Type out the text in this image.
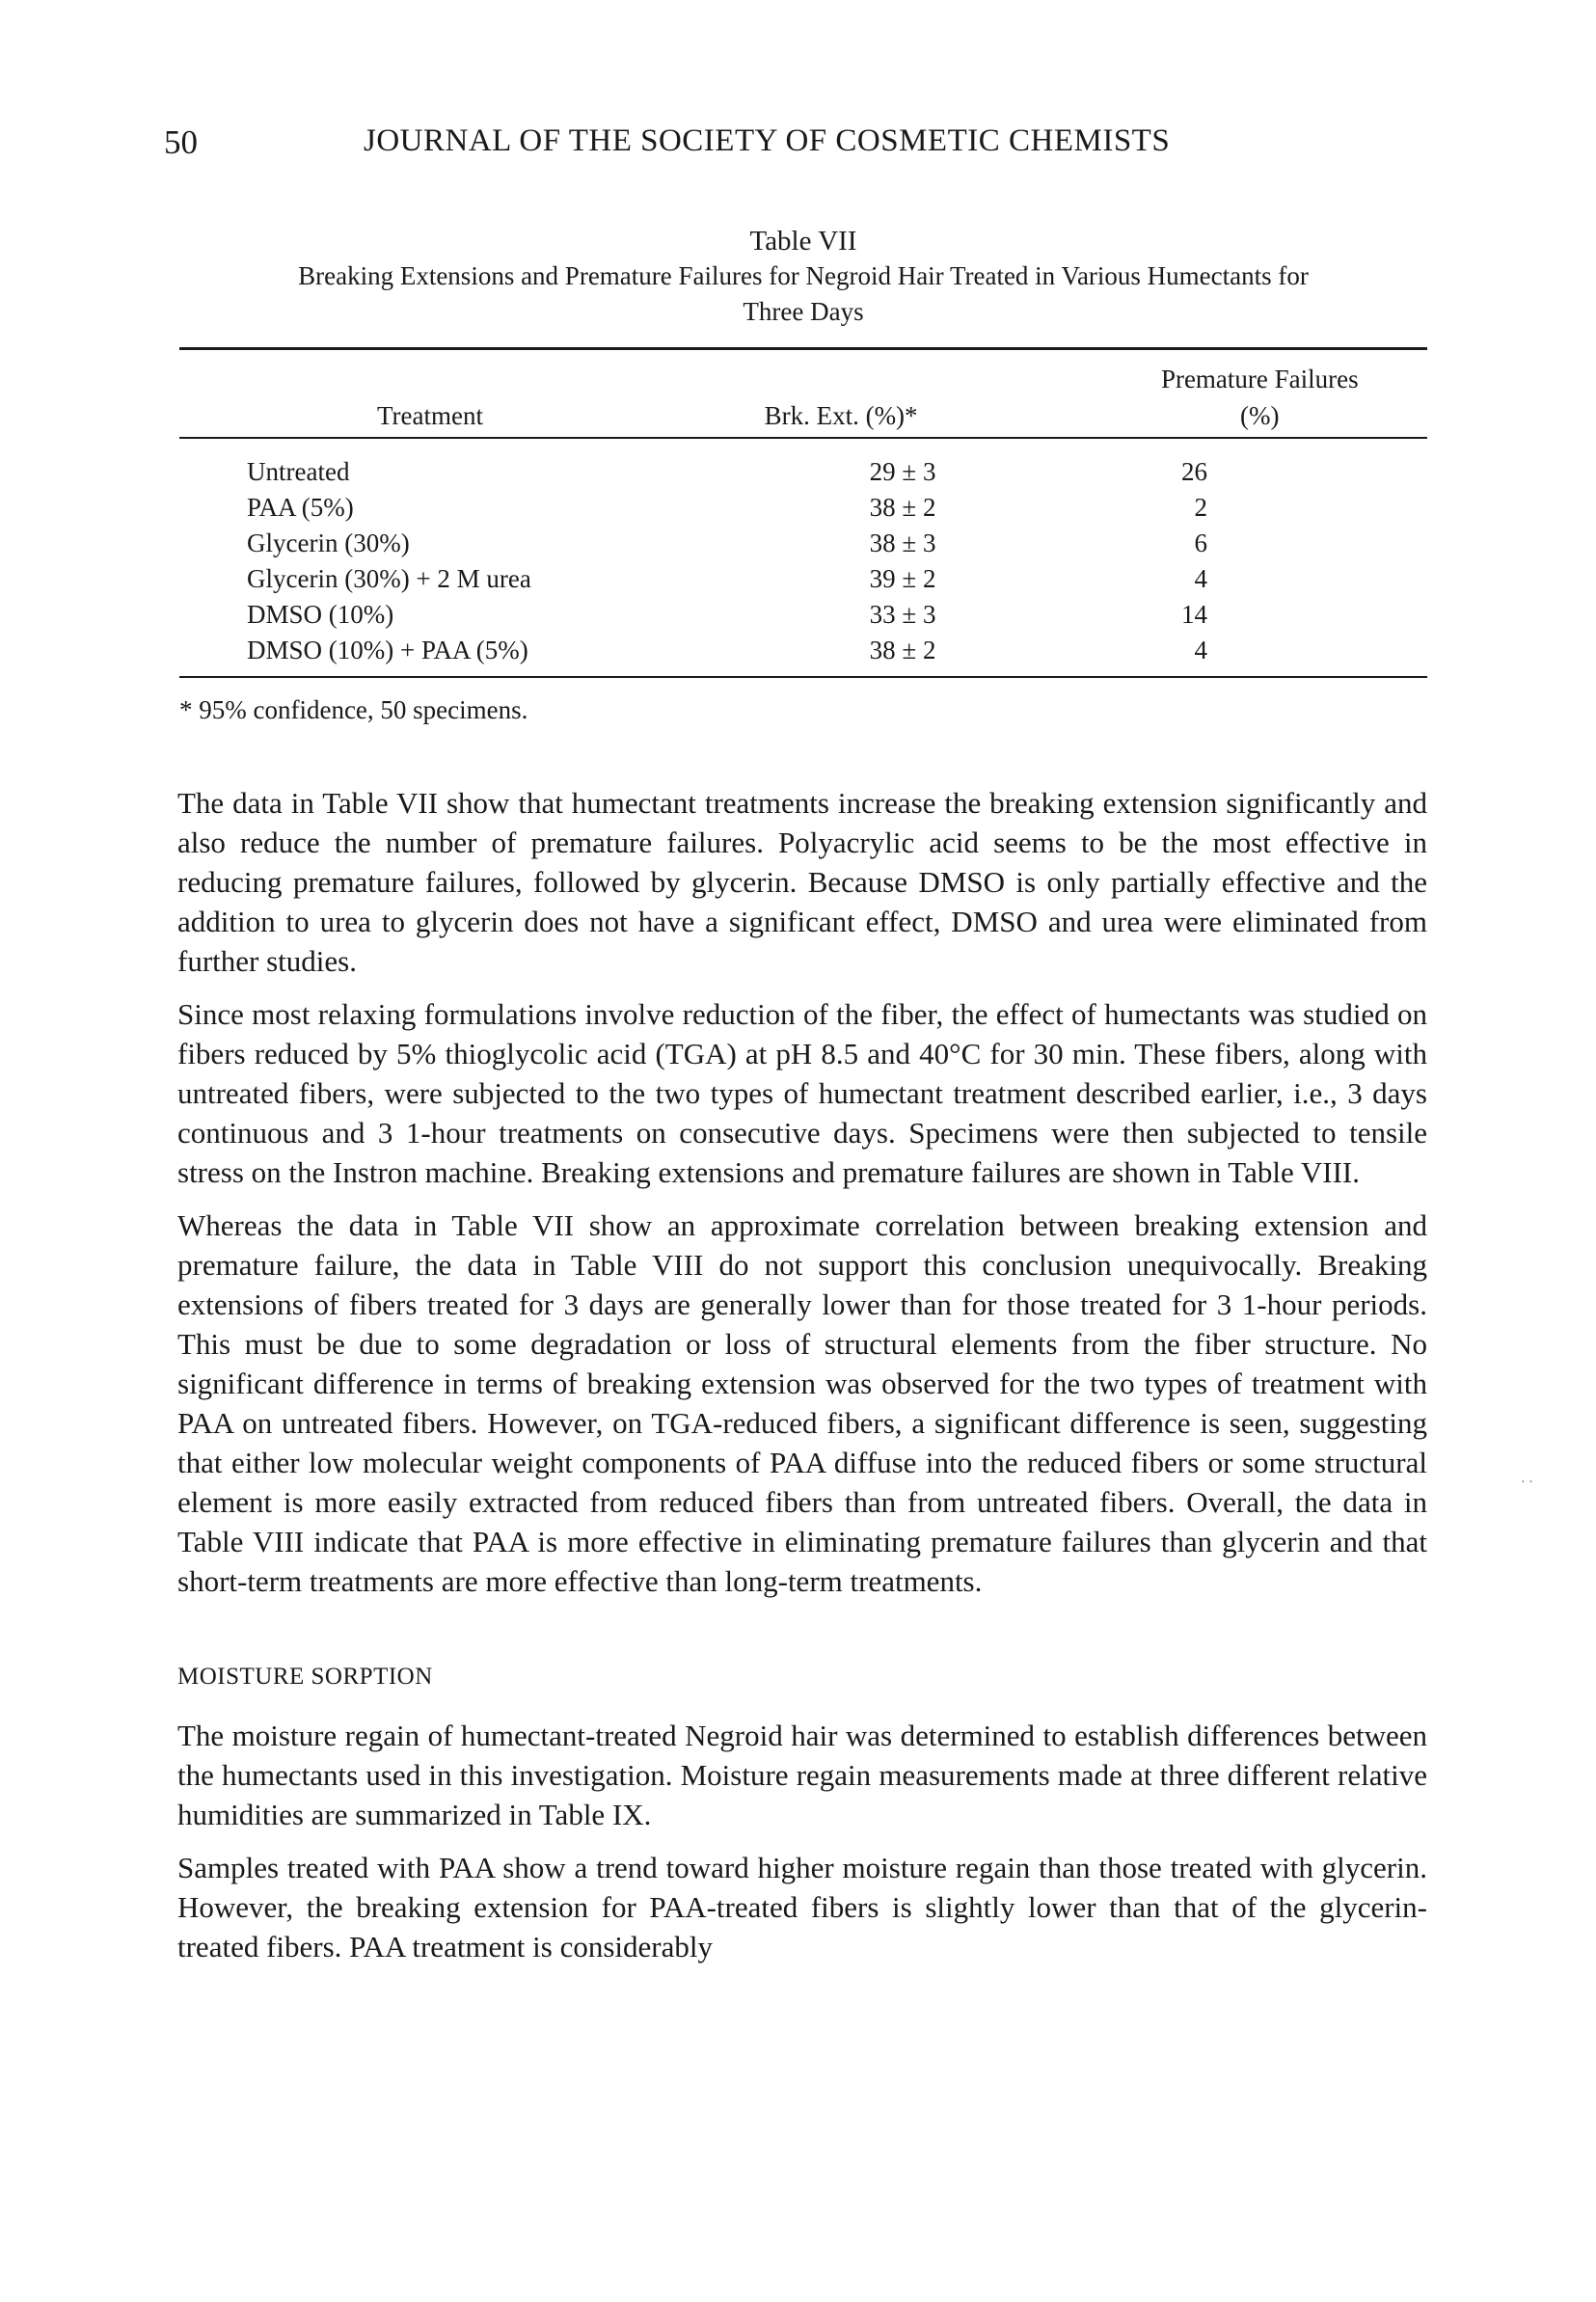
50	JOURNAL OF THE SOCIETY OF COSMETIC CHEMISTS
Table VII
Breaking Extensions and Premature Failures for Negroid Hair Treated in Various Humectants for Three Days
		Premature Failures
Treatment	Brk. Ext. (%)*	(%)
Untreated	29 ± 3	26
PAA (5%)	38 ± 2	2
Glycerin (30%)	38 ± 3	6
Glycerin (30%) + 2 M urea	39 ± 2	4
DMSO (10%)	33 ± 3	14
DMSO (10%) + PAA (5%)	38 ± 2	4
* 95% confidence, 50 specimens.

The data in Table VII show that humectant treatments increase the breaking extension significantly and also reduce the number of premature failures. Polyacrylic acid seems to be the most effective in reducing premature failures, followed by glycerin. Because DMSO is only partially effective and the addition to urea to glycerin does not have a significant effect, DMSO and urea were eliminated from further studies.

Since most relaxing formulations involve reduction of the fiber, the effect of humectants was studied on fibers reduced by 5% thioglycolic acid (TGA) at pH 8.5 and 40°C for 30 min. These fibers, along with untreated fibers, were subjected to the two types of humectant treatment described earlier, i.e., 3 days continuous and 3 1-hour treatments on consecutive days. Specimens were then subjected to tensile stress on the Instron machine. Breaking extensions and premature failures are shown in Table VIII.

Whereas the data in Table VII show an approximate correlation between breaking extension and premature failure, the data in Table VIII do not support this conclusion unequivocally. Breaking extensions of fibers treated for 3 days are generally lower than for those treated for 3 1-hour periods. This must be due to some degradation or loss of structural elements from the fiber structure. No significant difference in terms of breaking extension was observed for the two types of treatment with PAA on untreated fibers. However, on TGA-reduced fibers, a significant difference is seen, suggesting that either low molecular weight components of PAA diffuse into the reduced fibers or some structural element is more easily extracted from reduced fibers than from untreated fibers. Overall, the data in Table VIII indicate that PAA is more effective in eliminating premature failures than glycerin and that short-term treatments are more effective than long-term treatments.

MOISTURE SORPTION

The moisture regain of humectant-treated Negroid hair was determined to establish differences between the humectants used in this investigation. Moisture regain measurements made at three different relative humidities are summarized in Table IX.

Samples treated with PAA show a trend toward higher moisture regain than those treated with glycerin. However, the breaking extension for PAA-treated fibers is slightly lower than that of the glycerin-treated fibers. PAA treatment is considerably

· ·
